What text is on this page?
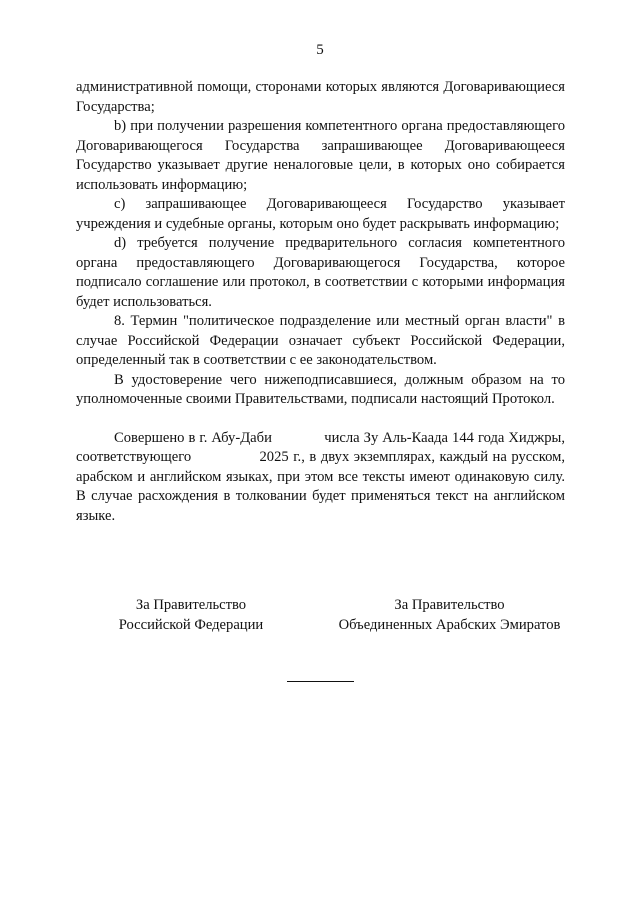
5

административной помощи, сторонами которых являются Договаривающиеся Государства;

b) при получении разрешения компетентного органа предоставляющего Договаривающегося Государства запрашивающее Договаривающееся Государство указывает другие неналоговые цели, в которых оно собирается использовать информацию;

c) запрашивающее Договаривающееся Государство указывает учреждения и судебные органы, которым оно будет раскрывать информацию;

d) требуется получение предварительного согласия компетентного органа предоставляющего Договаривающегося Государства, которое подписало соглашение или протокол, в соответствии с которыми информация будет использоваться.

8. Термин "политическое подразделение или местный орган власти" в случае Российской Федерации означает субъект Российской Федерации, определенный так в соответствии с ее законодательством.

В удостоверение чего нижеподписавшиеся, должным образом на то уполномоченные своими Правительствами, подписали настоящий Протокол.

Совершено в г. Абу-Даби             числа Зу Аль-Каада 144 года Хиджры, соответствующего               2025 г., в двух экземплярах, каждый на русском, арабском и английском языках, при этом все тексты имеют одинаковую силу. В случае расхождения в толковании будет применяться текст на английском языке.

За Правительство
Российской Федерации
За Правительство
Объединенных Арабских Эмиратов
